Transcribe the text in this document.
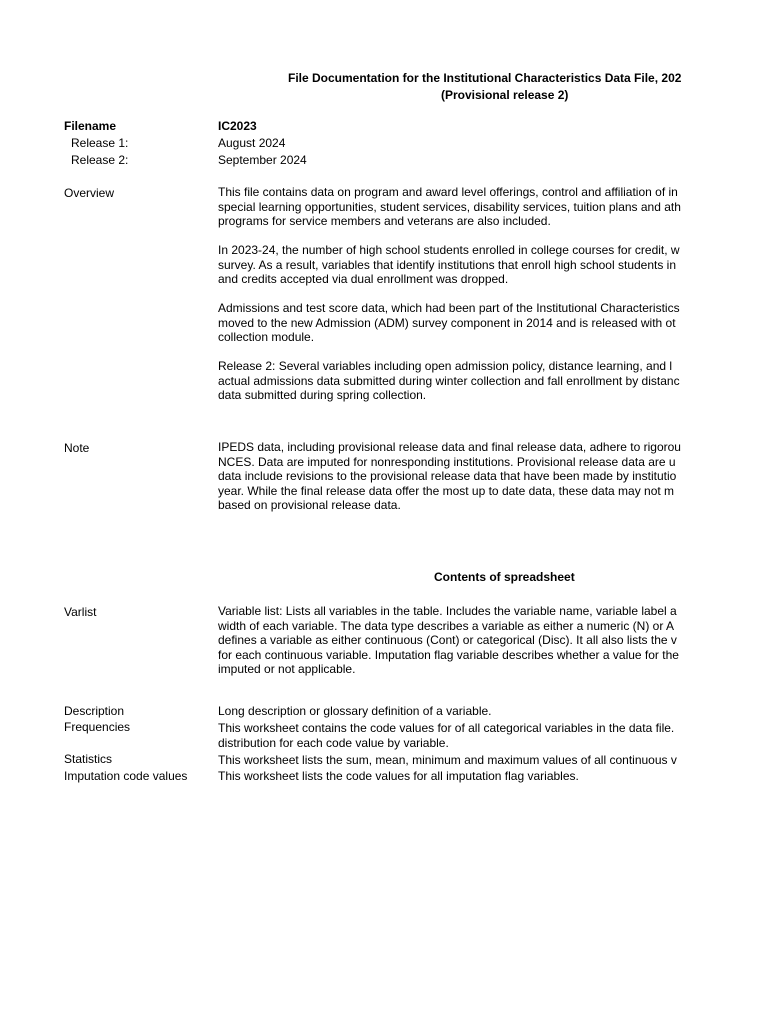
File Documentation for the Institutional Characteristics Data File, 202
(Provisional release 2)
Filename	IC2023
Release 1:	August 2024
Release 2:	September 2024
Overview	This file contains data on program and award level offerings, control and affiliation of in
special learning opportunities, student services, disability services, tuition plans and ath
programs for service members and veterans are also included.
In 2023-24, the number of high school students enrolled in college courses for credit, w
survey. As a result, variables that identify institutions that enroll high school students in
and credits accepted via dual enrollment was dropped.
Admissions and test score data, which had been part of the Institutional Characteristics
moved to the new Admission (ADM) survey component in 2014 and is released with ot
collection module.
Release 2: Several variables including open admission policy, distance learning, and l
actual admissions data submitted during winter collection and fall enrollment by distanc
data submitted during spring collection.
Note	IPEDS data, including provisional release data and final release data, adhere to rigorou
NCES. Data are imputed for nonresponding institutions. Provisional release data are u
data include revisions to the provisional release data that have been made by institutio
year. While the final release data offer the most up to date data, these data may not m
based on provisional release data.
Contents of spreadsheet
Varlist	Variable list: Lists all variables in the table. Includes the variable name, variable label a
width of each variable. The data type describes a variable as either a numeric (N) or A
defines a variable as either continuous (Cont) or categorical (Disc). It all also lists the v
for each continuous variable. Imputation flag variable describes whether a value for the
imputed or not applicable.
Description	Long description or glossary definition of a variable.
Frequencies	This worksheet contains the code values for of all categorical variables in the data file.
distribution for each code value by variable.
Statistics	This worksheet lists the sum, mean, minimum and maximum values of all continuous v
Imputation code values	This worksheet lists the code values for all imputation flag variables.
